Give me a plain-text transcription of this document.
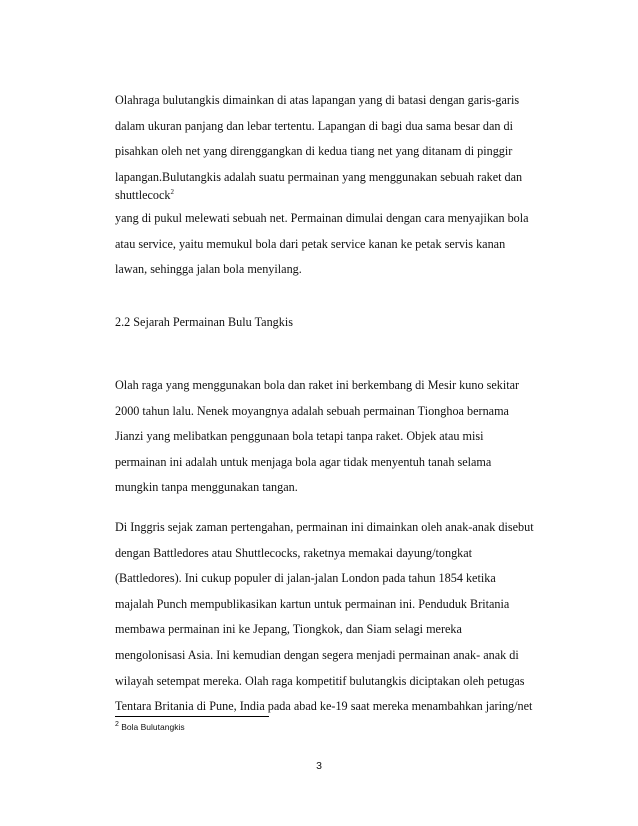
Olahraga bulutangkis dimainkan di atas lapangan yang di batasi dengan garis-garis
dalam ukuran panjang dan lebar tertentu. Lapangan di bagi dua sama besar dan di
pisahkan oleh net yang direnggangkan di kedua tiang net yang ditanam di pinggir
lapangan.Bulutangkis adalah suatu permainan yang menggunakan sebuah raket dan

shuttlecock$^2$

yang di pukul melewati sebuah net. Permainan dimulai dengan cara menyajikan bola
atau service, yaitu memukul bola dari petak service kanan ke petak servis kanan
lawan, sehingga jalan bola menyilang.

2.2 Sejarah Permainan Bulu Tangkis

Olah raga yang menggunakan bola dan raket ini berkembang di Mesir kuno sekitar
2000 tahun lalu. Nenek moyangnya adalah sebuah permainan Tionghoa bernama
Jianzi yang melibatkan penggunaan bola tetapi tanpa raket. Objek atau misi
permainan ini adalah untuk menjaga bola agar tidak menyentuh tanah selama
mungkin tanpa menggunakan tangan.

Di Inggris sejak zaman pertengahan, permainan ini dimainkan oleh anak-anak disebut
dengan Battledores atau Shuttlecocks, raketnya memakai dayung/tongkat
(Battledores). Ini cukup populer di jalan-jalan London pada tahun 1854 ketika
majalah Punch mempublikasikan kartun untuk permainan ini. Penduduk Britania
membawa permainan ini ke Jepang, Tiongkok, dan Siam selagi mereka
mengolonisasi Asia. Ini kemudian dengan segera menjadi permainan anak- anak di
wilayah setempat mereka. Olah raga kompetitif bulutangkis diciptakan oleh petugas
Tentara Britania di Pune, India pada abad ke-19 saat mereka menambahkan jaring/net

$^2$ Bola Bulutangkis
3
